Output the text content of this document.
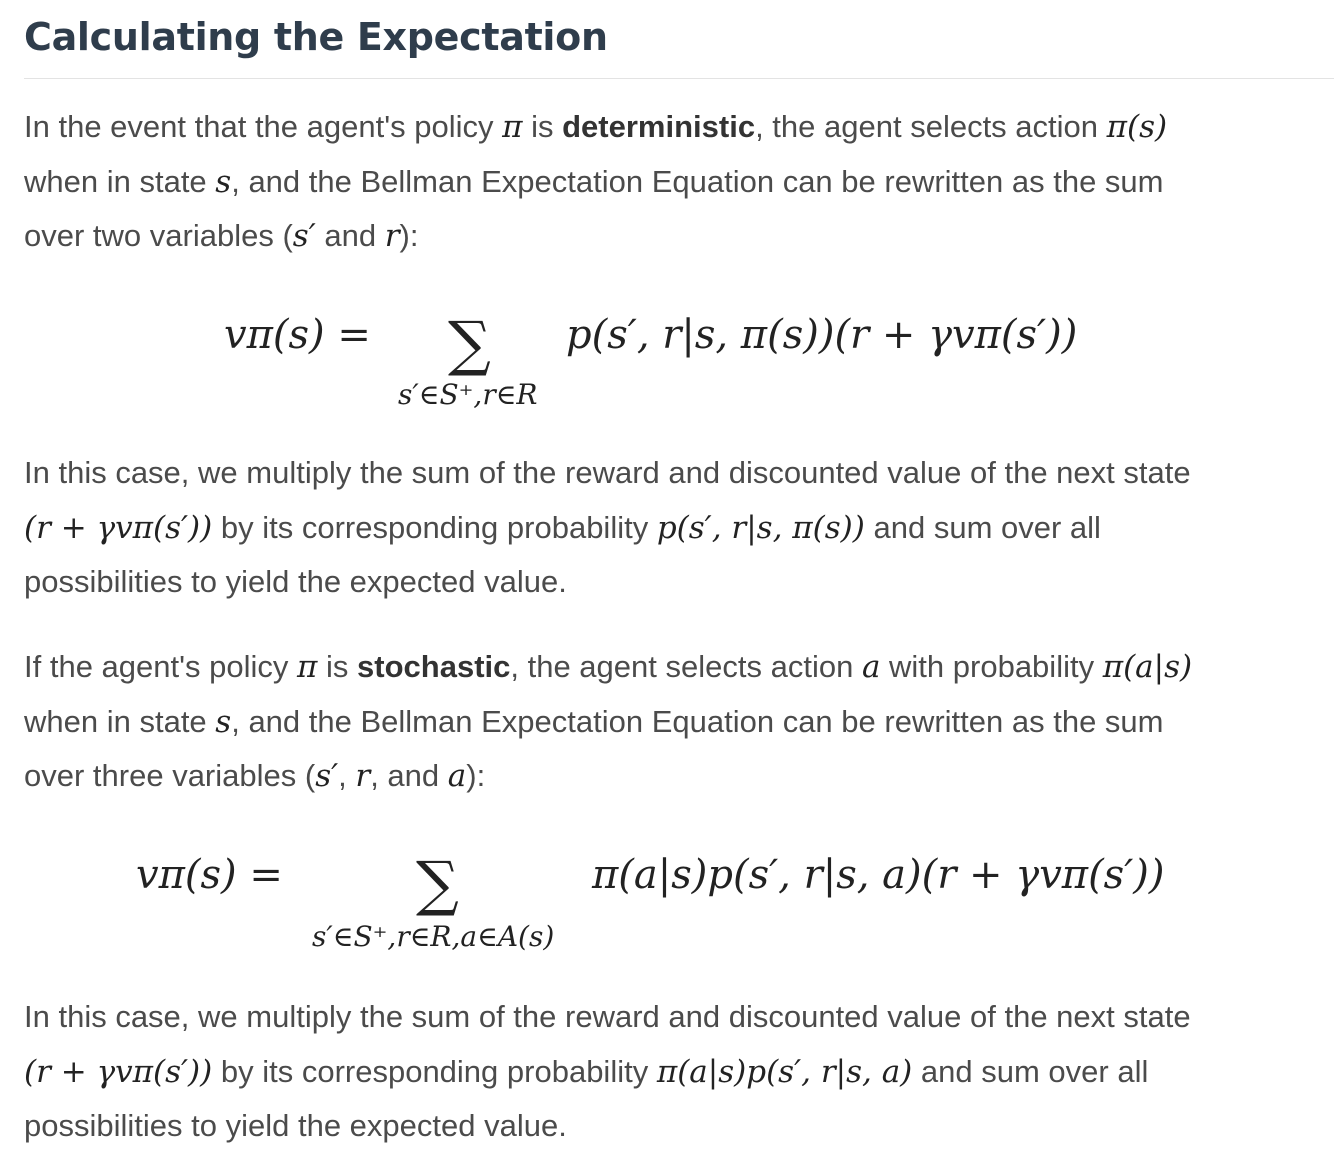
Calculating the Expectation
In the event that the agent's policy π is deterministic, the agent selects action π(s)
when in state s, and the Bellman Expectation Equation can be rewritten as the sum
over two variables (s′ and r):
vπ(s) = ∑
s′∈S⁺,r∈R
p(s′, r|s, π(s))(r + γvπ(s′))
In this case, we multiply the sum of the reward and discounted value of the next state
(r + γvπ(s′)) by its corresponding probability p(s′, r|s, π(s)) and sum over all
possibilities to yield the expected value.
If the agent's policy π is stochastic, the agent selects action a with probability π(a|s)
when in state s, and the Bellman Expectation Equation can be rewritten as the sum
over three variables (s′, r, and a):
vπ(s) = ∑
s′∈S⁺,r∈R,a∈A(s)
π(a|s)p(s′, r|s, a)(r + γvπ(s′))
In this case, we multiply the sum of the reward and discounted value of the next state
(r + γvπ(s′)) by its corresponding probability π(a|s)p(s′, r|s, a) and sum over all
possibilities to yield the expected value.
